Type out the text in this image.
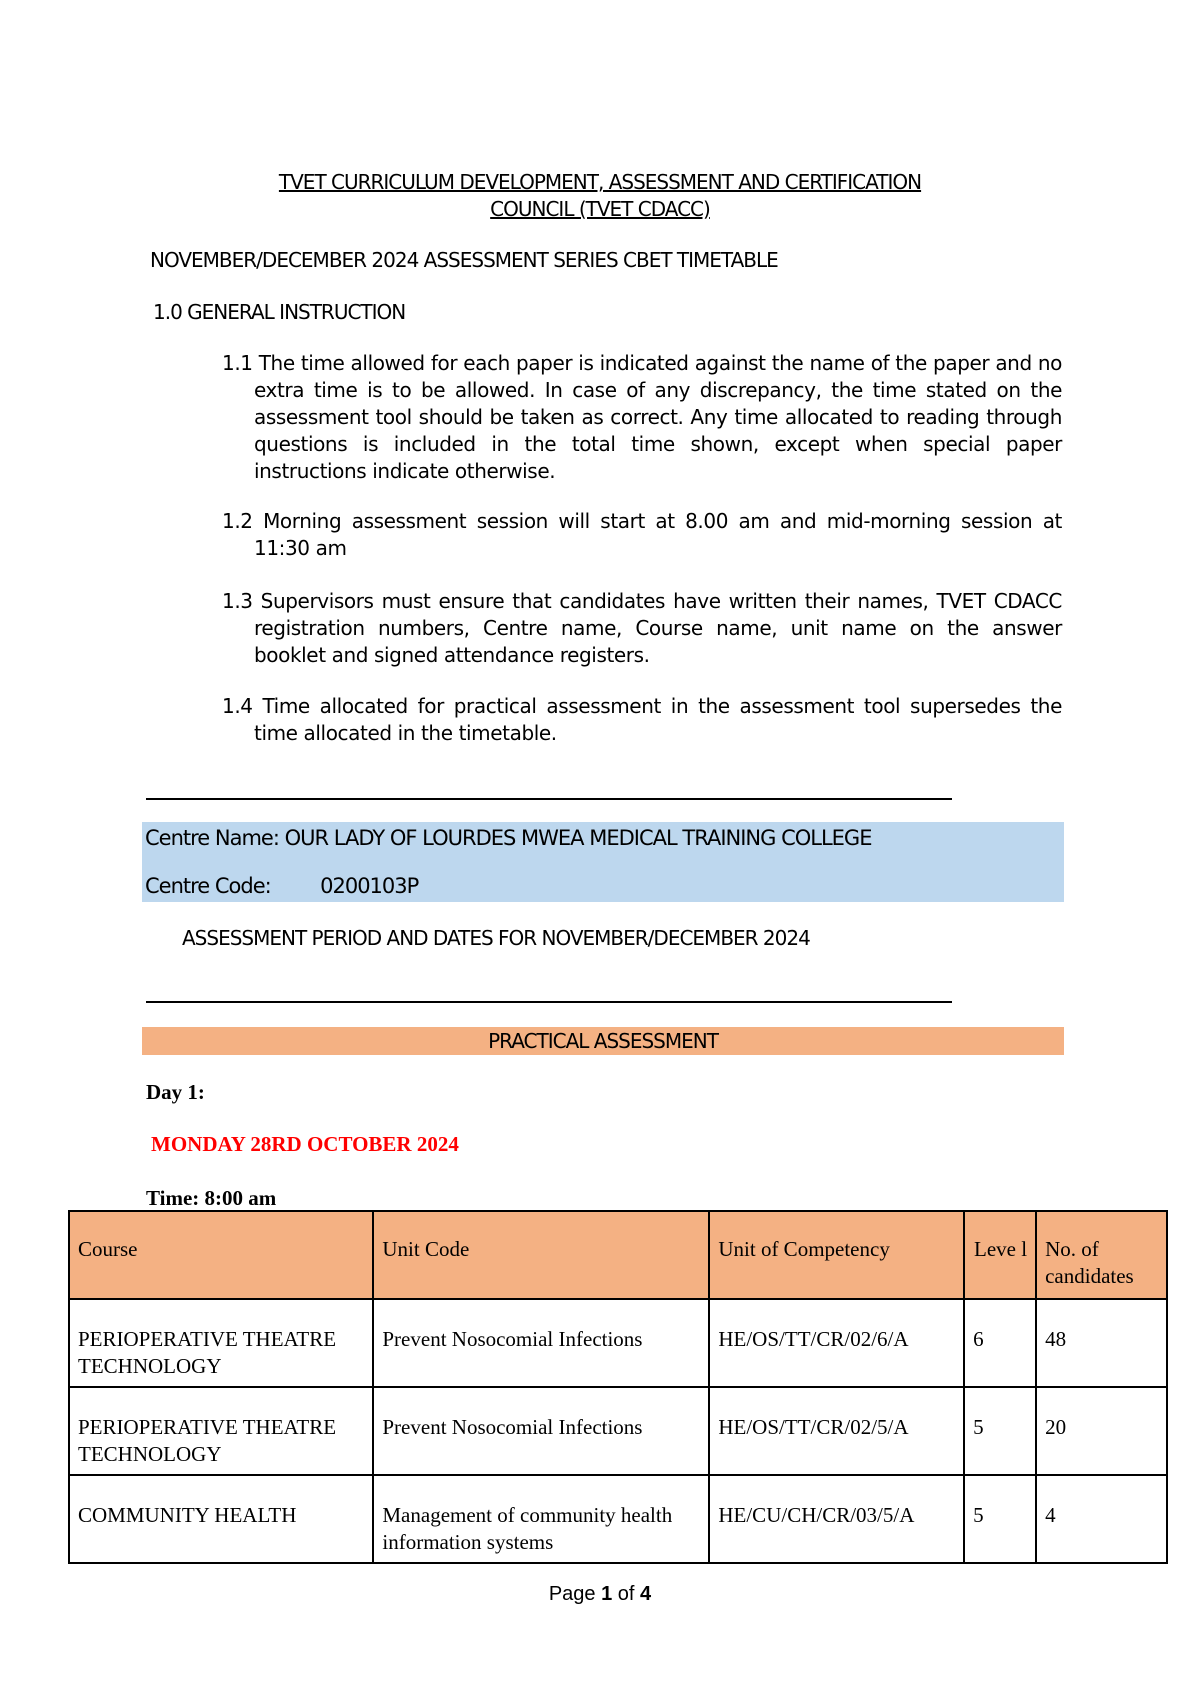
TVET CURRICULUM DEVELOPMENT, ASSESSMENT AND CERTIFICATION
COUNCIL (TVET CDACC)
NOVEMBER/DECEMBER 2024 ASSESSMENT SERIES CBET TIMETABLE
1.0 GENERAL INSTRUCTION

1.1 The time allowed for each paper is indicated against the name of the paper and no extra time is to be allowed. In case of any discrepancy, the time stated on the assessment tool should be taken as correct. Any time allocated to reading through questions is included in the total time shown, except when special paper instructions indicate otherwise.

1.2 Morning assessment session will start at 8.00 am and mid-morning session at 11:30 am

1.3 Supervisors must ensure that candidates have written their names, TVET CDACC registration numbers, Centre name, Course name, unit name on the answer booklet and signed attendance registers.

1.4 Time allocated for practical assessment in the assessment tool supersedes the time allocated in the timetable.

Centre Name: OUR LADY OF LOURDES MWEA MEDICAL TRAINING COLLEGE
Centre Code: 0200103P
ASSESSMENT PERIOD AND DATES FOR NOVEMBER/DECEMBER 2024
PRACTICAL ASSESSMENT
Day 1:
MONDAY 28RD OCTOBER 2024
Time: 8:00 am
Course	Unit Code	Unit of Competency	Leve l	No. of candidates
PERIOPERATIVE THEATRE TECHNOLOGY	Prevent Nosocomial Infections	HE/OS/TT/CR/02/6/A	6	48
PERIOPERATIVE THEATRE TECHNOLOGY	Prevent Nosocomial Infections	HE/OS/TT/CR/02/5/A	5	20
COMMUNITY HEALTH	Management of community health information systems	HE/CU/CH/CR/03/5/A	5	4
Page 1 of 4
